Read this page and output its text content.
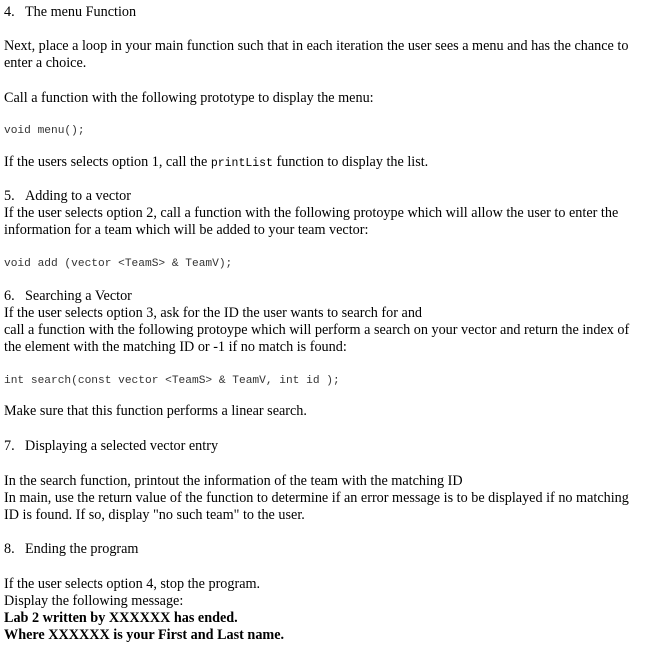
4. The menu Function
Next, place a loop in your main function such that in each iteration the user sees a menu and has the chance to
enter a choice.
Call a function with the following prototype to display the menu:
void menu();
If the users selects option 1, call the printList function to display the list.
5. Adding to a vector
If the user selects option 2, call a function with the following protoype which will allow the user to enter the
information for a team which will be added to your team vector:
void add (vector <TeamS> & TeamV);
6. Searching a Vector
If the user selects option 3, ask for the ID the user wants to search for and
call a function with the following protoype which will perform a search on your vector and return the index of
the element with the matching ID or -1 if no match is found:
int search(const vector <TeamS> & TeamV, int id );
Make sure that this function performs a linear search.
7. Displaying a selected vector entry
In the search function, printout the information of the team with the matching ID
In main, use the return value of the function to determine if an error message is to be displayed if no matching
ID is found. If so, display "no such team" to the user.
8. Ending the program
If the user selects option 4, stop the program.
Display the following message:
Lab 2 written by XXXXXX has ended.
Where XXXXXX is your First and Last name.
